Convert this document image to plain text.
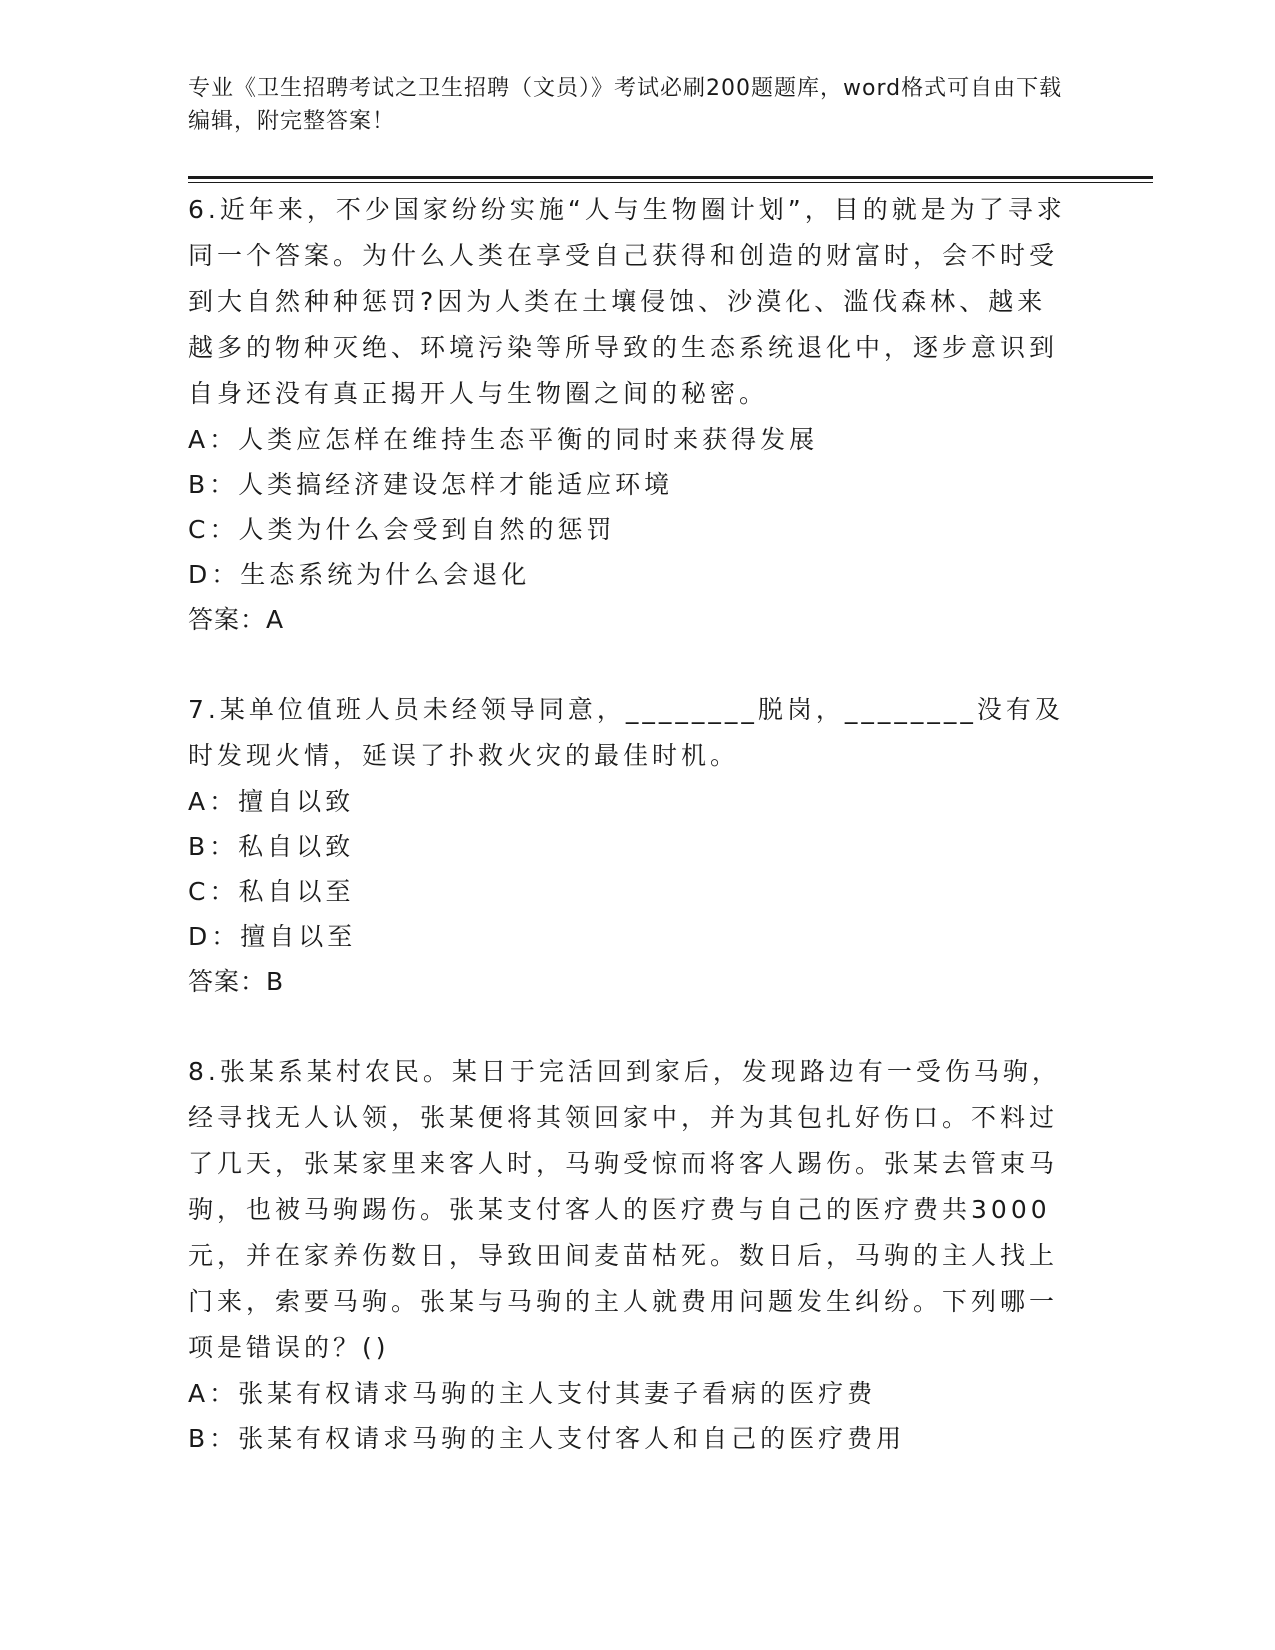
专业《卫生招聘考试之卫生招聘（文员）》考试必刷200题题库，word格式可自由下载编辑，附完整答案！
6.近年来，不少国家纷纷实施“人与生物圈计划”，目的就是为了寻求同一个答案。为什么人类在享受自己获得和创造的财富时，会不时受到大自然种种惩罚?因为人类在土壤侵蚀、沙漠化、滥伐森林、越来越多的物种灭绝、环境污染等所导致的生态系统退化中，逐步意识到自身还没有真正揭开人与生物圈之间的秘密。
A：人类应怎样在维持生态平衡的同时来获得发展
B：人类搞经济建设怎样才能适应环境
C：人类为什么会受到自然的惩罚
D：生态系统为什么会退化
答案：A
7.某单位值班人员未经领导同意，________脱岗，________没有及时发现火情，延误了扑救火灾的最佳时机。
A：擅自以致
B：私自以致
C：私自以至
D：擅自以至
答案：B
8.张某系某村农民。某日于完活回到家后，发现路边有一受伤马驹，经寻找无人认领，张某便将其领回家中，并为其包扎好伤口。不料过了几天，张某家里来客人时，马驹受惊而将客人踢伤。张某去管束马驹，也被马驹踢伤。张某支付客人的医疗费与自己的医疗费共3000元，并在家养伤数日，导致田间麦苗枯死。数日后，马驹的主人找上门来，索要马驹。张某与马驹的主人就费用问题发生纠纷。下列哪一项是错误的？()
A：张某有权请求马驹的主人支付其妻子看病的医疗费
B：张某有权请求马驹的主人支付客人和自己的医疗费用
